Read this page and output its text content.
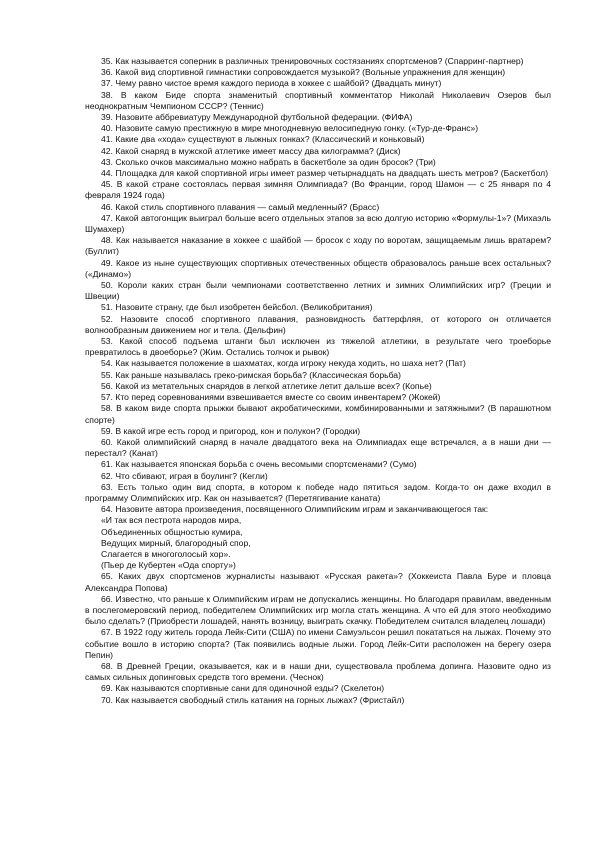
35. Как называется соперник в различных тренировочных состязаниях спортсменов? (Спарринг-партнер)

36. Какой вид спортивной гимнастики сопровождается музыкой? (Вольные упражнения для женщин)

37. Чему равно чистое время каждого периода в хоккее с шайбой? (Двадцать минут)

38. В каком Биде спорта знаменитый спортивный комментатор Николай Николаевич Озеров был неоднократным Чемпионом СССР? (Теннис)

39. Назовите аббревиатуру Международной футбольной федерации. (ФИФА)

40. Назовите самую престижную в мире многодневную велосипедную гонку. («Тур-де-Франс»)

41. Какие два «хода» существуют в лыжных гонках? (Классический и коньковый)

42. Какой снаряд в мужской атлетике имеет массу два килограмма? (Диск)

43. Сколько очков максимально можно набрать в баскетболе за один бросок? (Три)

44. Площадка для какой спортивной игры имеет размер четырнадцать на двадцать шесть метров? (Баскетбол)

45. В какой стране состоялась первая зимняя Олимпиада? (Во Франции, город Шамон — с 25 января по 4 февраля 1924 года)

46. Какой стиль спортивного плавания — самый медленный? (Брасс)

47. Какой автогонщик выиграл больше всего отдельных этапов за всю долгую историю «Формулы-1»? (Михаэль Шумахер)

48. Как называется наказание в хоккее с шайбой — бросок с ходу по воротам, защищаемым лишь вратарем? (Буллит)

49. Какое из ныне существующих спортивных отечественных обществ образовалось раньше всех остальных? («Динамо»)

50. Короли каких стран были чемпионами соответственно летних и зимних Олимпийских игр? (Греции и Швеции)

51. Назовите страну, где был изобретен бейсбол. (Великобритания)

52. Назовите способ спортивного плавания, разновидность баттерфляя, от которого он отличается волнообразным движением ног и тела. (Дельфин)

53. Какой способ подъема штанги был исключен из тяжелой атлетики, в результате чего троеборье превратилось в двоеборье? (Жим. Остались толчок и рывок)

54. Как называется положение в шахматах, когда игроку некуда ходить, но шаха нет? (Пат)

55. Как раньше называлась греко-римская борьба? (Классическая борьба)

56. Какой из метательных снарядов в легкой атлетике летит дальше всех? (Копье)

57. Кто перед соревнованиями взвешивается вместе со своим инвентарем? (Жокей)

58. В каком виде спорта прыжки бывают акробатическими, комбинированными и затяжными? (В парашютном спорте)

59. В какой игре есть город и пригород, кон и полукон? (Городки)

60. Какой олимпийский снаряд в начале двадцатого века на Олимпиадах еще встречался, а в наши дни — перестал? (Канат)

61. Как называется японская борьба с очень весомыми спортсменами? (Сумо)

62. Что сбивают, играя в боулинг? (Кегли)

63. Есть только один вид спорта, в котором к победе надо пятиться задом. Когда-то он даже входил в программу Олимпийских игр. Как он называется? (Перетягивание каната)

64. Назовите автора произведения, посвященного Олимпийским играм и заканчивающегося так:

«И так вся пестрота народов мира,

Объединенных общностью кумира,

Ведущих мирный, благородный спор,

Слагается в многоголосый хор».

(Пьер де Кубертен «Ода спорту»)

65. Каких двух спортсменов журналисты называют «Русская ракета»? (Хоккеиста Павла Буре и пловца Александра Попова)

66. Известно, что раньше к Олимпийским играм не допускались женщины. Но благодаря правилам, введенным в послегомеровский период, победителем Олимпийских игр могла стать женщина. А что ей для этого необходимо было сделать? (Приобрести лошадей, нанять возницу, выиграть скачку. Победителем считался владелец лошади)

67. В 1922 году житель города Лейк-Сити (США) по имени Самуэльсон решил покататься на лыжах. Почему это событие вошло в историю спорта? (Так появились водные лыжи. Город Лейк-Сити расположен на берегу озера Пепин)

68. В Древней Греции, оказывается, как и в наши дни, существовала проблема допинга. Назовите одно из самых сильных допинговых средств того времени. (Чеснок)

69. Как называются спортивные сани для одиночной езды? (Скелетон)

70. Как называется свободный стиль катания на горных лыжах? (Фристайл)
